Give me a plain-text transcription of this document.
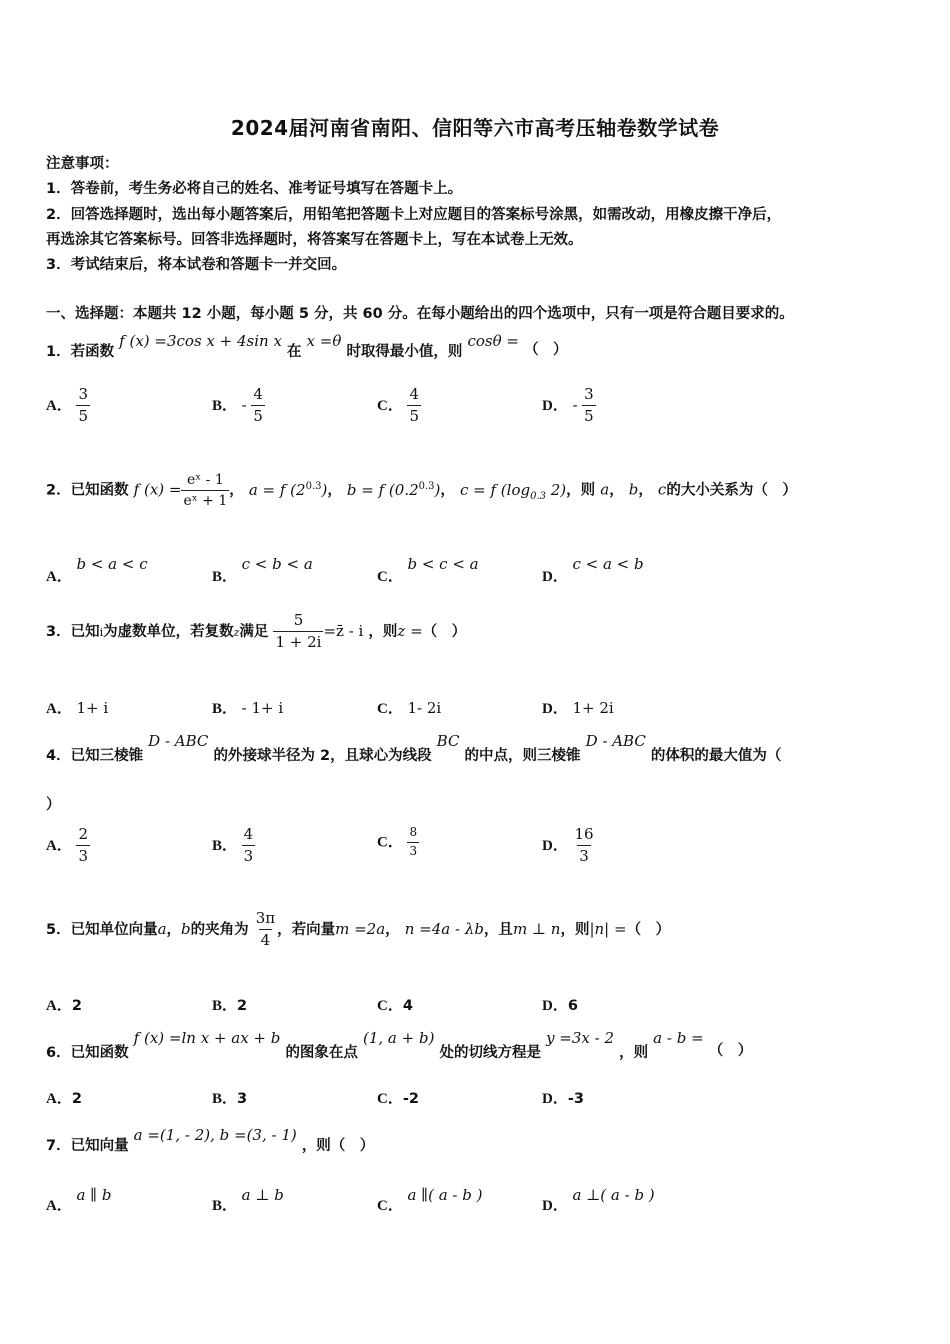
2024届河南省南阳、信阳等六市高考压轴卷数学试卷
注意事项：
1．答卷前，考生务必将自己的姓名、准考证号填写在答题卡上。
2．回答选择题时，选出每小题答案后，用铅笔把答题卡上对应题目的答案标号涂黑，如需改动，用橡皮擦干净后，
再选涂其它答案标号。回答非选择题时，将答案写在答题卡上，写在本试卷上无效。
3．考试结束后，将本试卷和答题卡一并交回。
一、选择题：本题共 12 小题，每小题 5 分，共 60 分。在每小题给出的四个选项中，只有一项是符合题目要求的。
1．若函数 f (x) =3cos x + 4sin x 在 x =θ 时取得最小值，则 cosθ = （　）
A． $\frac{3}{5}$	B． - $\frac{4}{5}$	C． $\frac{4}{5}$	D． - $\frac{3}{5}$
2．已知函数 f $(x) = \frac{\text{eˣ - 1}}{\text{eˣ + 1}}$ ， a = f $(2^{0.3})$， b = f $(0.2^{0.3})$， c = f ($\log_{0.3}$ 2)，则 a， b， c的大小关系为（　）
A． b < a < c
B． c < b < a
C． b < c < a
D． c < a < b
3．已知i为虚数单位，若复数z满足 $\frac{5}{1 + 2i}$ =z̄ - i ，则z =（　）
A． 1+ i	B． - 1+ i	C． 1- 2i	D． 1+ 2i
4．已知三棱锥 D - ABC 的外接球半径为 2，且球心为线段 BC 的中点，则三棱锥 D - ABC 的体积的最大值为（
）
A． $\frac{2}{3}$	B． $\frac{4}{3}$	C． $\frac{8}{3}$	D． $\frac{16}{3}$
5．已知单位向量a，b的夹角为 $\frac{3\pi}{4}$ ，若向量m =2a， n =4a - λb，且m ⊥ n，则|n| =（　）
A．2	B．2	C．4	D．6
6．已知函数 f (x) =ln x + ax + b 的图象在点 (1, a + b) 处的切线方程是 y =3x - 2 ，则 a - b = （　）
A．2	B．3	C．-2	D．-3
7．已知向量 a =(1, - 2), b =(3, - 1) ，则（　）
A． a ∥ b
B． a ⊥ b
C． a ∥( a - b )
D． a ⊥( a - b )
